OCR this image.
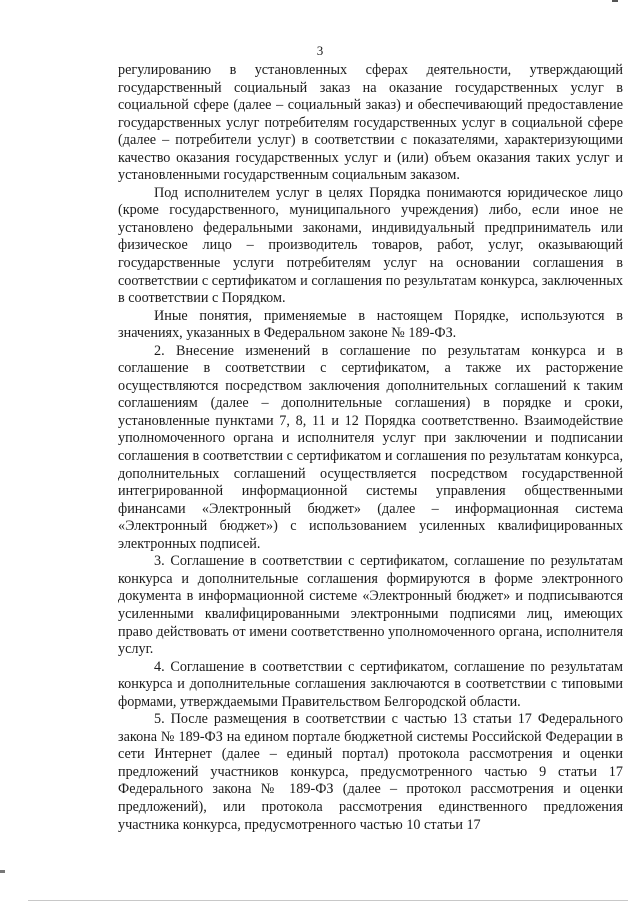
3

регулированию в установленных сферах деятельности, утверждающий государственный социальный заказ на оказание государственных услуг в социальной сфере (далее – социальный заказ) и обеспечивающий предоставление государственных услуг потребителям государственных услуг в социальной сфере (далее – потребители услуг) в соответствии с показателями, характеризующими качество оказания государственных услуг и (или) объем оказания таких услуг и установленными государственным социальным заказом.

Под исполнителем услуг в целях Порядка понимаются юридическое лицо (кроме государственного, муниципального учреждения) либо, если иное не установлено федеральными законами, индивидуальный предприниматель или физическое лицо – производитель товаров, работ, услуг, оказывающий государственные услуги потребителям услуг на основании соглашения в соответствии с сертификатом и соглашения по результатам конкурса, заключенных в соответствии с Порядком.

Иные понятия, применяемые в настоящем Порядке, используются в значениях, указанных в Федеральном законе № 189-ФЗ.

2. Внесение изменений в соглашение по результатам конкурса и в соглашение в соответствии с сертификатом, а также их расторжение осуществляются посредством заключения дополнительных соглашений к таким соглашениям (далее – дополнительные соглашения) в порядке и сроки, установленные пунктами 7, 8, 11 и 12 Порядка соответственно. Взаимодействие уполномоченного органа и исполнителя услуг при заключении и подписании соглашения в соответствии с сертификатом и соглашения по результатам конкурса, дополнительных соглашений осуществляется посредством государственной интегрированной информационной системы управления общественными финансами «Электронный бюджет» (далее – информационная система «Электронный бюджет») с использованием усиленных квалифицированных электронных подписей.

3. Соглашение в соответствии с сертификатом, соглашение по результатам конкурса и дополнительные соглашения формируются в форме электронного документа в информационной системе «Электронный бюджет» и подписываются усиленными квалифицированными электронными подписями лиц, имеющих право действовать от имени соответственно уполномоченного органа, исполнителя услуг.

4. Соглашение в соответствии с сертификатом, соглашение по результатам конкурса и дополнительные соглашения заключаются в соответствии с типовыми формами, утверждаемыми Правительством Белгородской области.

5. После размещения в соответствии с частью 13 статьи 17 Федерального закона № 189-ФЗ на едином портале бюджетной системы Российской Федерации в сети Интернет (далее – единый портал) протокола рассмотрения и оценки предложений участников конкурса, предусмотренного частью 9 статьи 17 Федерального закона № 189-ФЗ (далее – протокол рассмотрения и оценки предложений), или протокола рассмотрения единственного предложения участника конкурса, предусмотренного частью 10 статьи 17
